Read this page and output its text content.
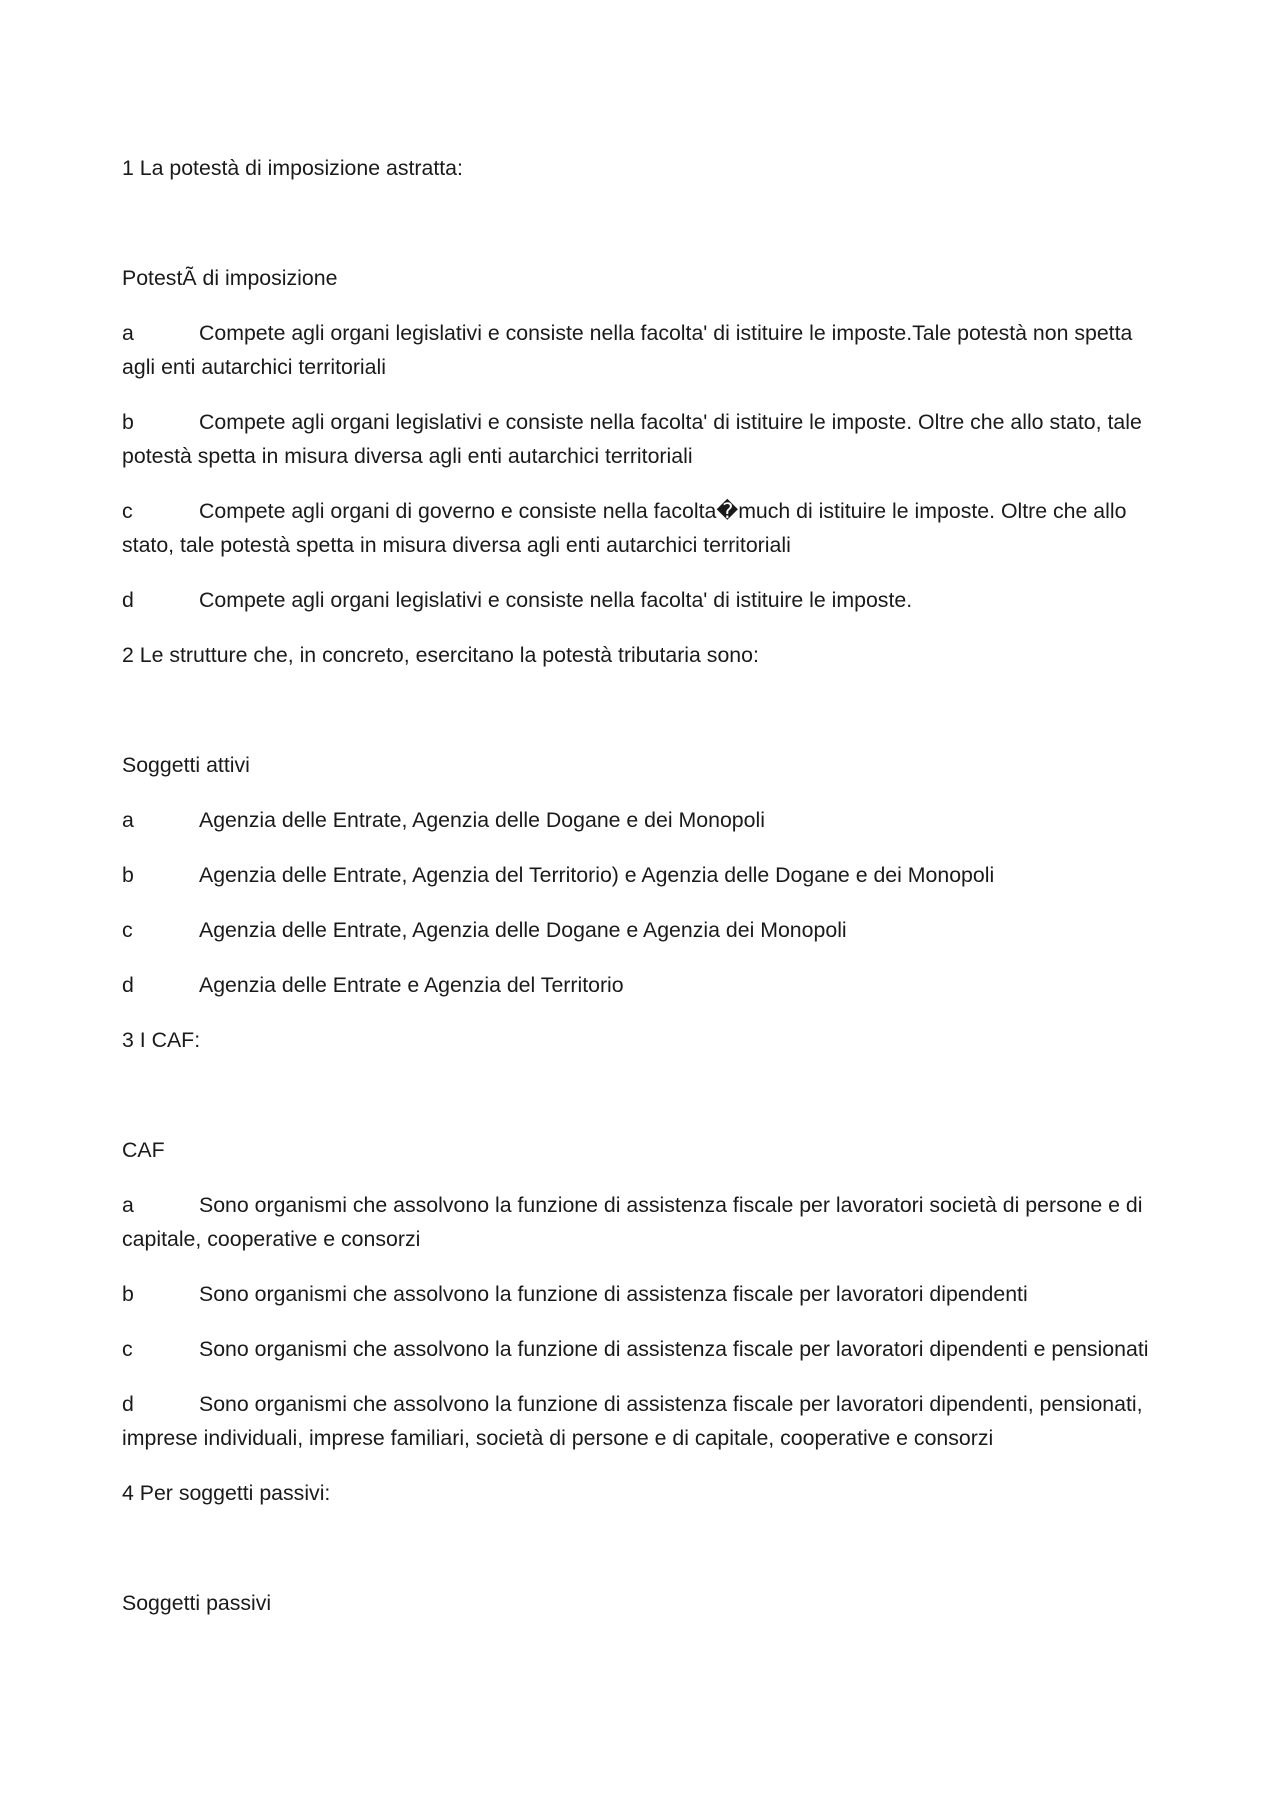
1 La potestà di imposizione astratta:
PotestÃ di imposizione
a	Compete agli organi legislativi e consiste nella facolta' di istituire le imposte.Tale potestà non spetta agli enti autarchici territoriali
b	Compete agli organi legislativi e consiste nella facolta' di istituire le imposte. Oltre che allo stato, tale potestà spetta in misura diversa agli enti autarchici territoriali
c	Compete agli organi di governo e consiste nella facolta�much di istituire le imposte. Oltre che allo stato, tale potestà spetta in misura diversa agli enti autarchici territoriali
d	Compete agli organi legislativi e consiste nella facolta' di istituire le imposte.
2 Le strutture che, in concreto, esercitano la potestà tributaria sono:
Soggetti attivi
a	Agenzia delle Entrate, Agenzia delle Dogane e dei Monopoli
b	Agenzia delle Entrate, Agenzia del Territorio) e Agenzia delle Dogane e dei Monopoli
c	Agenzia delle Entrate, Agenzia delle Dogane e Agenzia dei Monopoli
d	Agenzia delle Entrate e Agenzia del Territorio
3 I CAF:
CAF
a	Sono organismi che assolvono la funzione di assistenza fiscale per lavoratori società di persone e di capitale, cooperative e consorzi
b	Sono organismi che assolvono la funzione di assistenza fiscale per lavoratori dipendenti
c	Sono organismi che assolvono la funzione di assistenza fiscale per lavoratori dipendenti e pensionati
d	Sono organismi che assolvono la funzione di assistenza fiscale per lavoratori dipendenti, pensionati, imprese individuali, imprese familiari, società di persone e di capitale, cooperative e consorzi
4 Per soggetti passivi:
Soggetti passivi
